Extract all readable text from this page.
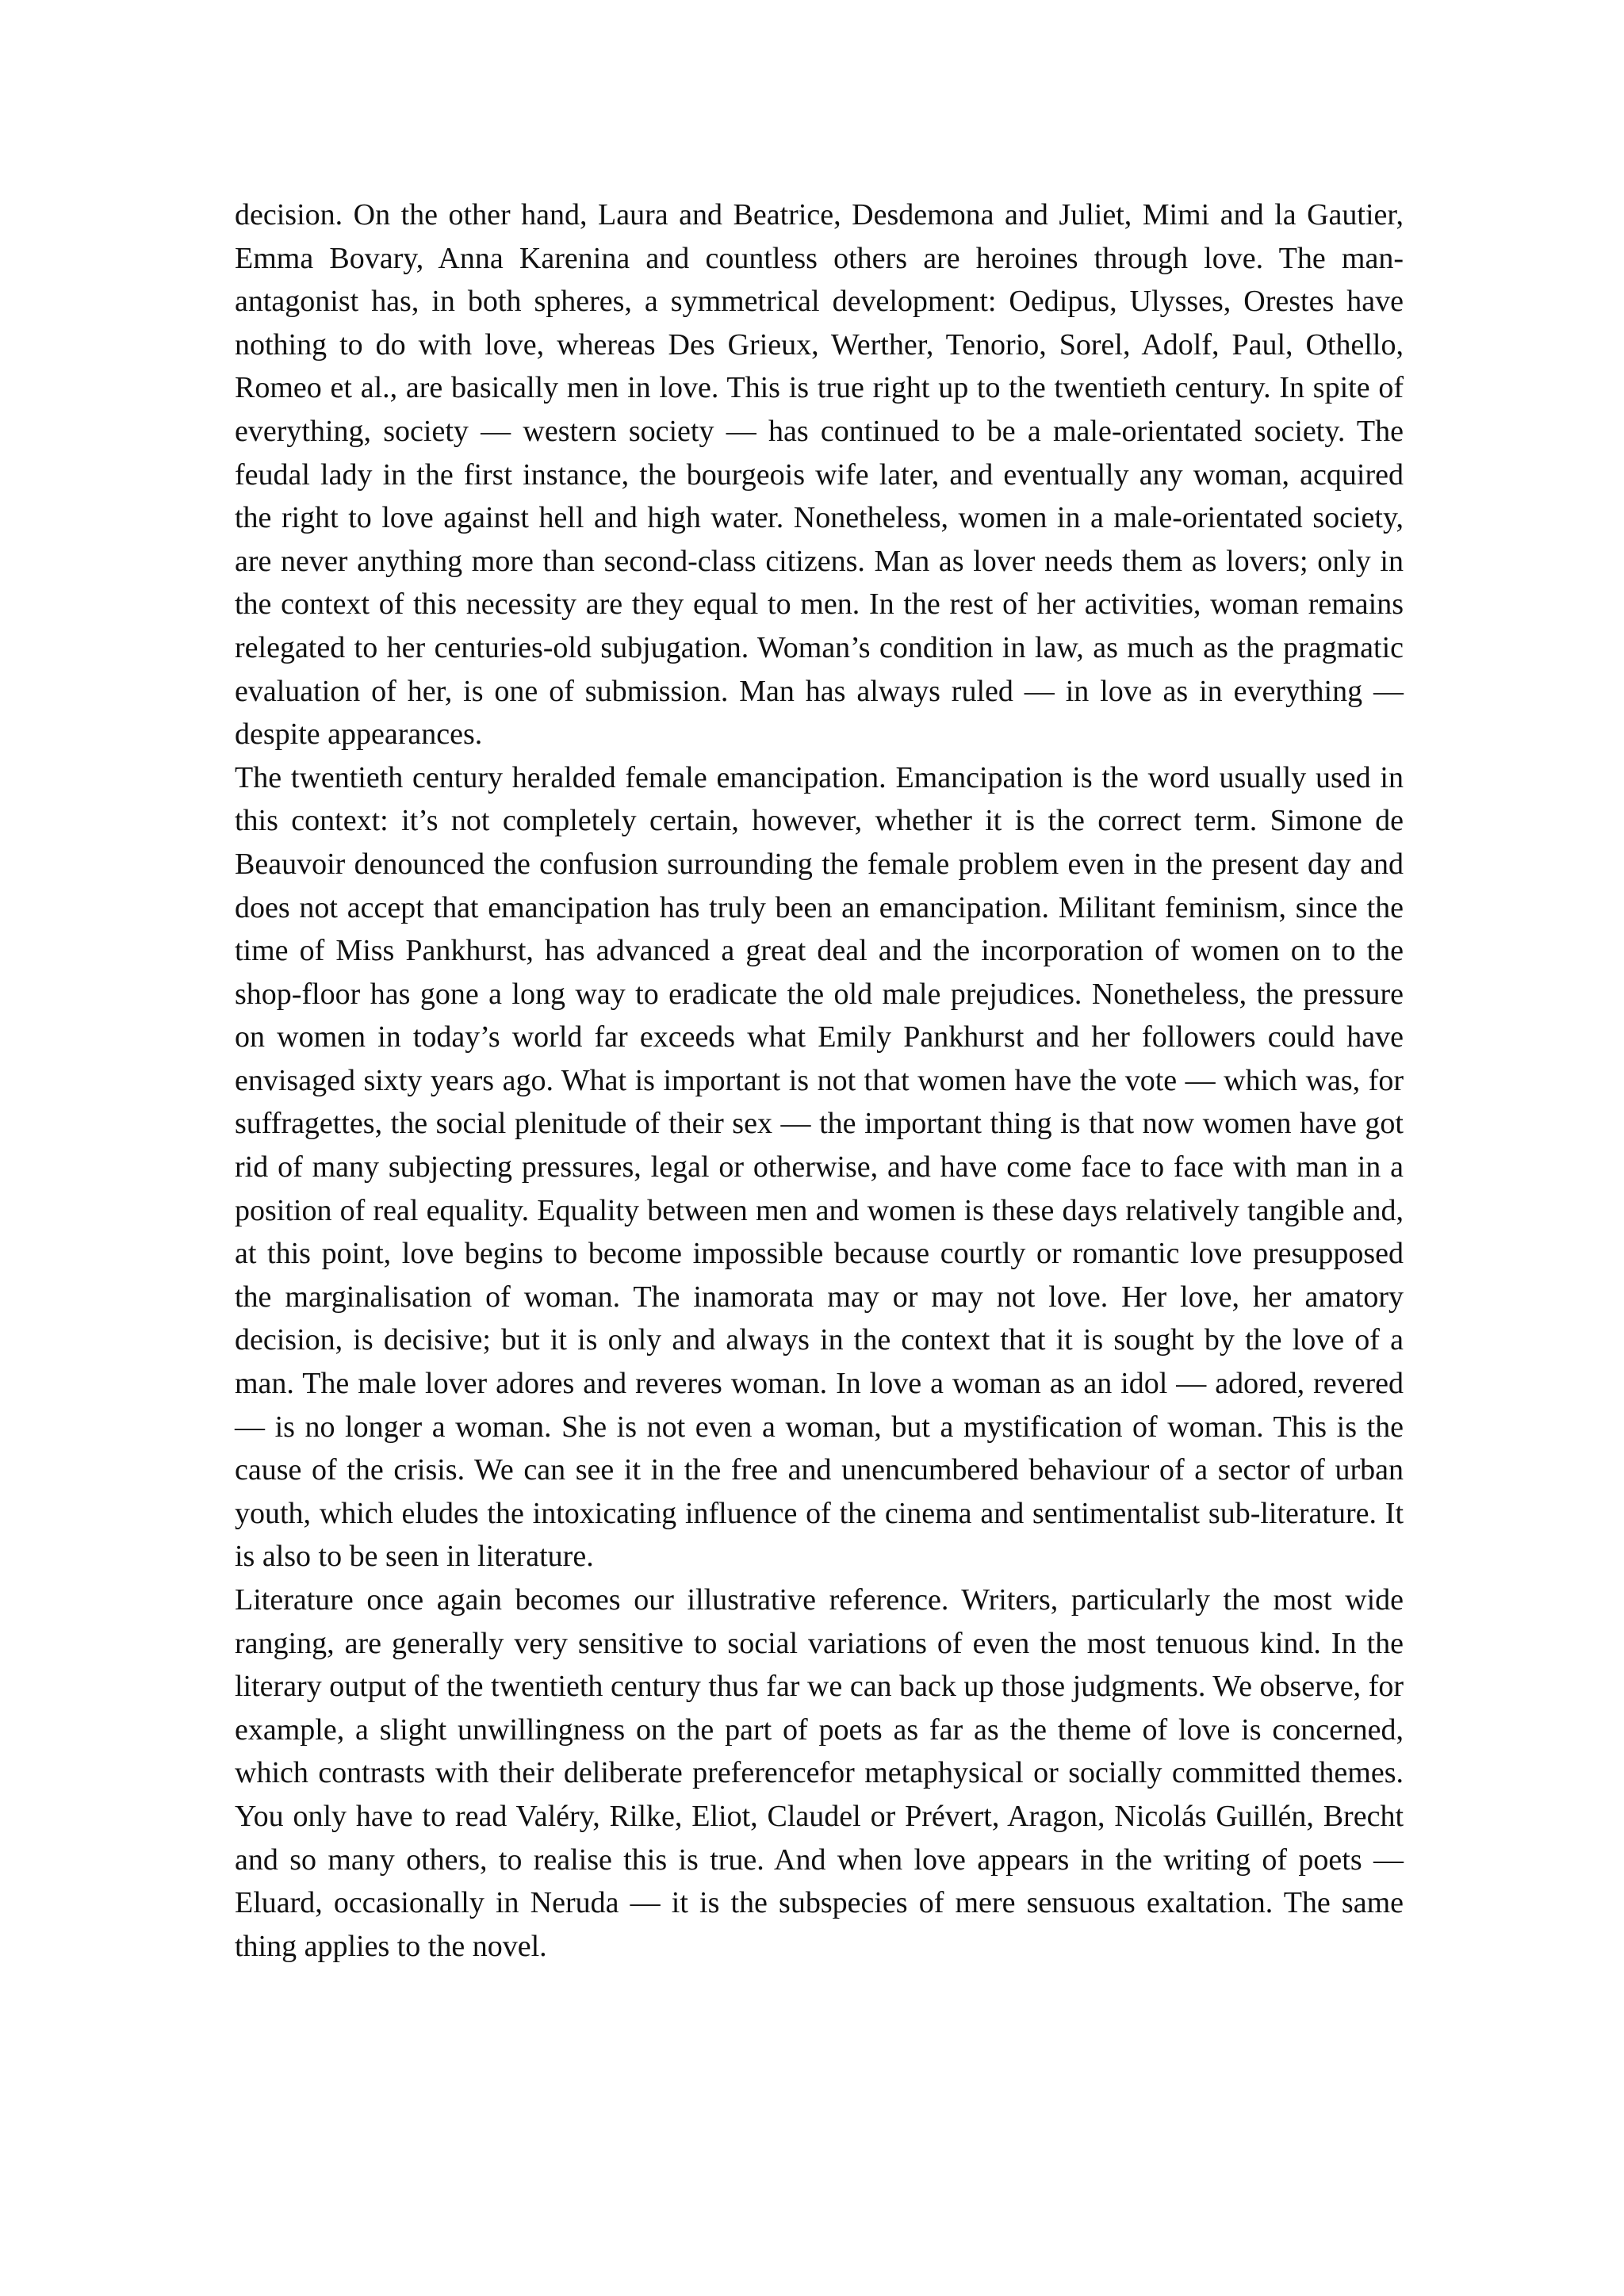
decision. On the other hand, Laura and Beatrice, Desdemona and Juliet, Mimi and la Gautier, Emma Bovary, Anna Karenina and countless others are heroines through love. The man-antagonist has, in both spheres, a symmetrical development: Oedipus, Ulysses, Orestes have nothing to do with love, whereas Des Grieux, Werther, Tenorio, Sorel, Adolf, Paul, Othello, Romeo et al., are basically men in love. This is true right up to the twentieth century. In spite of everything, society — western society — has continued to be a male-orientated society. The feudal lady in the first instance, the bourgeois wife later, and eventually any woman, acquired the right to love against hell and high water. Nonetheless, women in a male-orientated society, are never anything more than second-class citizens. Man as lover needs them as lovers; only in the context of this necessity are they equal to men. In the rest of her activities, woman remains relegated to her centuries-old subjugation. Woman’s condition in law, as much as the pragmatic evaluation of her, is one of submission. Man has always ruled — in love as in everything — despite appearances.

The twentieth century heralded female emancipation. Emancipation is the word usually used in this context: it’s not completely certain, however, whether it is the correct term. Simone de Beauvoir denounced the confusion surrounding the female problem even in the present day and does not accept that emancipation has truly been an emancipation. Militant feminism, since the time of Miss Pankhurst, has advanced a great deal and the incorporation of women on to the shop-floor has gone a long way to eradicate the old male prejudices. Nonetheless, the pressure on women in today’s world far exceeds what Emily Pankhurst and her followers could have envisaged sixty years ago. What is important is not that women have the vote — which was, for suffragettes, the social plenitude of their sex — the important thing is that now women have got rid of many subjecting pressures, legal or otherwise, and have come face to face with man in a position of real equality. Equality between men and women is these days relatively tangible and, at this point, love begins to become impossible because courtly or romantic love presupposed the marginalisation of woman. The inamorata may or may not love. Her love, her amatory decision, is decisive; but it is only and always in the context that it is sought by the love of a man. The male lover adores and reveres woman. In love a woman as an idol — adored, revered — is no longer a woman. She is not even a woman, but a mystification of woman. This is the cause of the crisis. We can see it in the free and unencumbered behaviour of a sector of urban youth, which eludes the intoxicating influence of the cinema and sentimentalist sub-literature. It is also to be seen in literature.

Literature once again becomes our illustrative reference. Writers, particularly the most wide ranging, are generally very sensitive to social variations of even the most tenuous kind. In the literary output of the twentieth century thus far we can back up those judgments. We observe, for example, a slight unwillingness on the part of poets as far as the theme of love is concerned, which contrasts with their deliberate preferencefor metaphysical or socially committed themes. You only have to read Valéry, Rilke, Eliot, Claudel or Prévert, Aragon, Nicolás Guillén, Brecht and so many others, to realise this is true. And when love appears in the writing of poets — Eluard, occasionally in Neruda — it is the subspecies of mere sensuous exaltation. The same thing applies to the novel.
